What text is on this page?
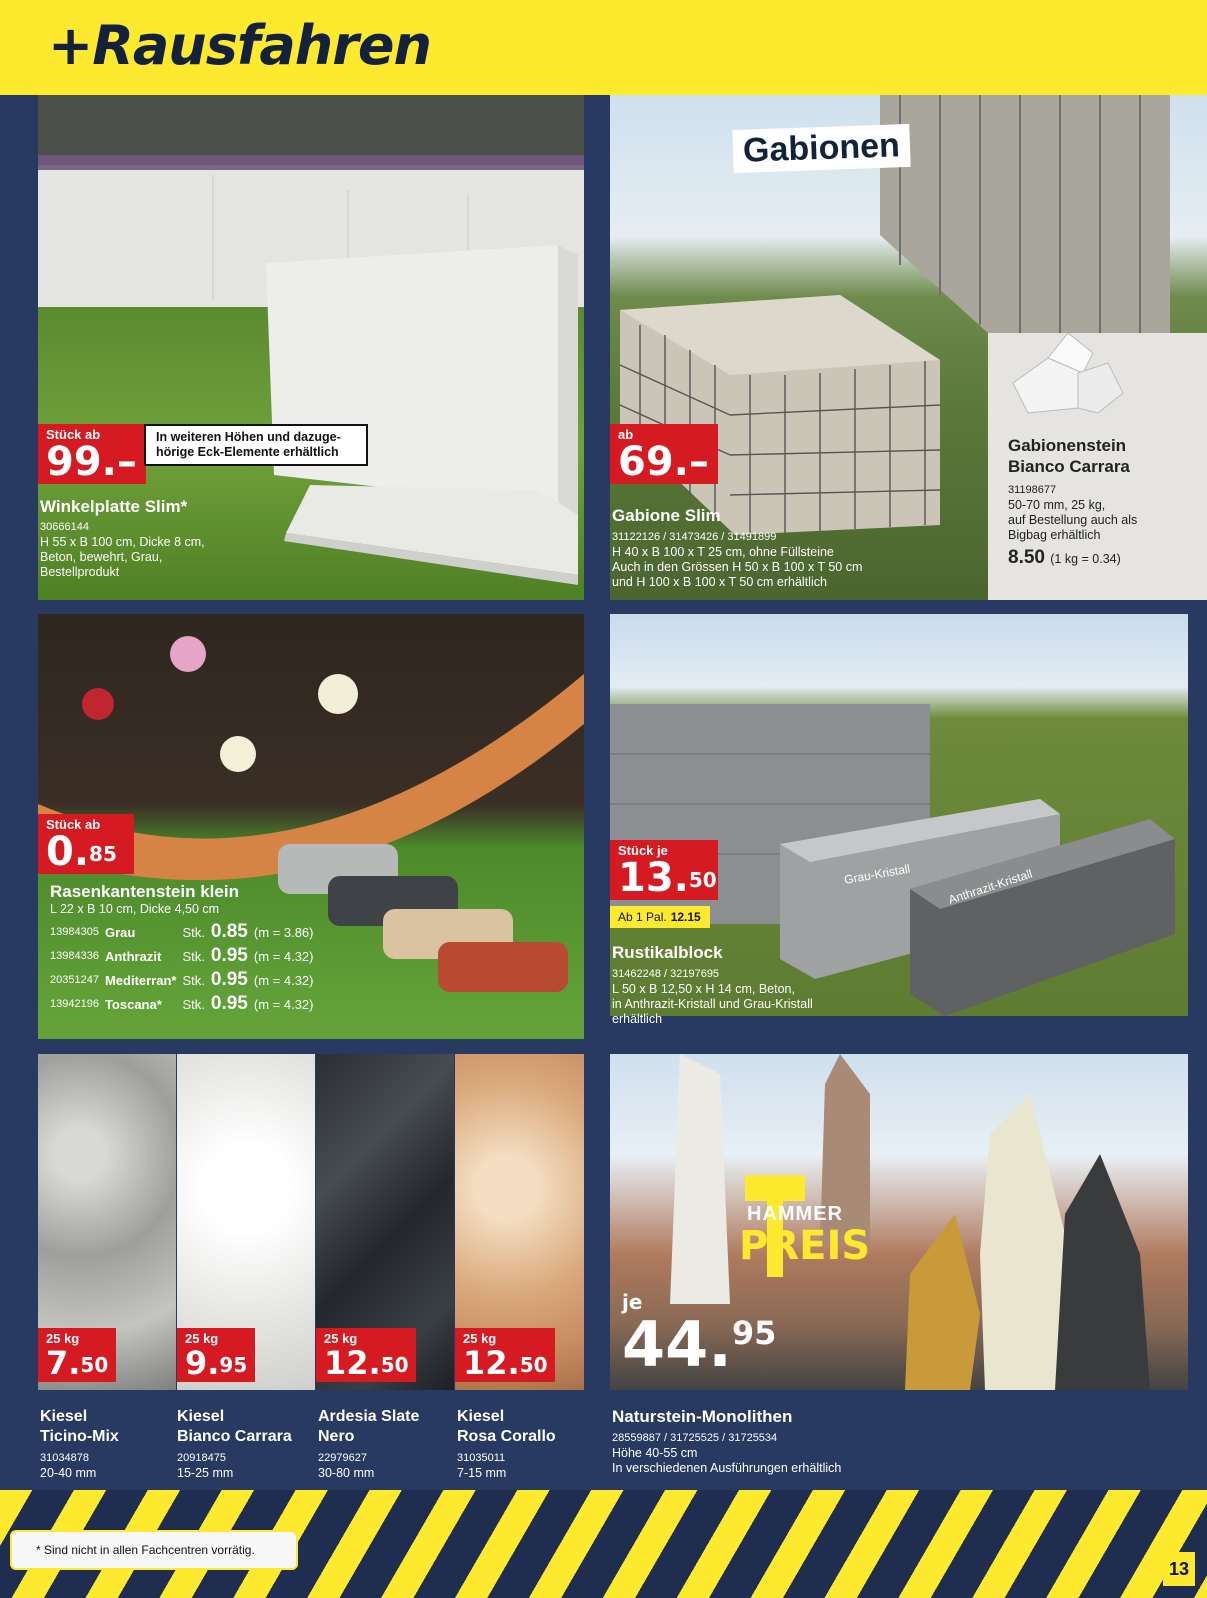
+Rausfahren
Stück ab
99.–
In weiteren Höhen und dazuge-hörige Eck-Elemente erhältlich
Winkelplatte Slim*
30666144
H 55 x B 100 cm, Dicke 8 cm,
Beton, bewehrt, Grau,
Bestellprodukt
Gabionen
ab
69.–
Gabione Slim
31122126 / 31473426 / 31491899
H 40 x B 100 x T 25 cm, ohne Füllsteine
Auch in den Grössen H 50 x B 100 x T 50 cm
und H 100 x B 100 x T 50 cm erhältlich
Gabionenstein
Bianco Carrara
31198677
50-70 mm, 25 kg,
auf Bestellung auch als
Bigbag erhältlich
8.50 (1 kg = 0.34)
Stück ab
0.85
Rasenkantenstein klein
L 22 x B 10 cm, Dicke 4,50 cm
13984305	Grau	Stk.	0.85	(m = 3.86)
13984336	Anthrazit	Stk.	0.95	(m = 4.32)
20351247	Mediterran*	Stk.	0.95	(m = 4.32)
13942196	Toscana*	Stk.	0.95	(m = 4.32)
Grau-Kristall	Anthrazit-Kristall
Stück je
13.50
Ab 1 Pal. 12.15
Rustikalblock
31462248 / 32197695
L 50 x B 12,50 x H 14 cm, Beton,
in Anthrazit-Kristall und Grau-Kristall
erhältlich
25 kg
7.50
25 kg
9.95
25 kg
12.50
25 kg
12.50
Kiesel
Ticino-Mix
31034878
20-40 mm
Kiesel
Bianco Carrara
20918475
15-25 mm
Ardesia Slate
Nero
22979627
30-80 mm
Kiesel
Rosa Corallo
31035011
7-15 mm
HAMMER
PREIS
je
44.95
Naturstein-Monolithen
28559887 / 31725525 / 31725534
Höhe 40-55 cm
In verschiedenen Ausführungen erhältlich
* Sind nicht in allen Fachcentren vorrätig.
13
